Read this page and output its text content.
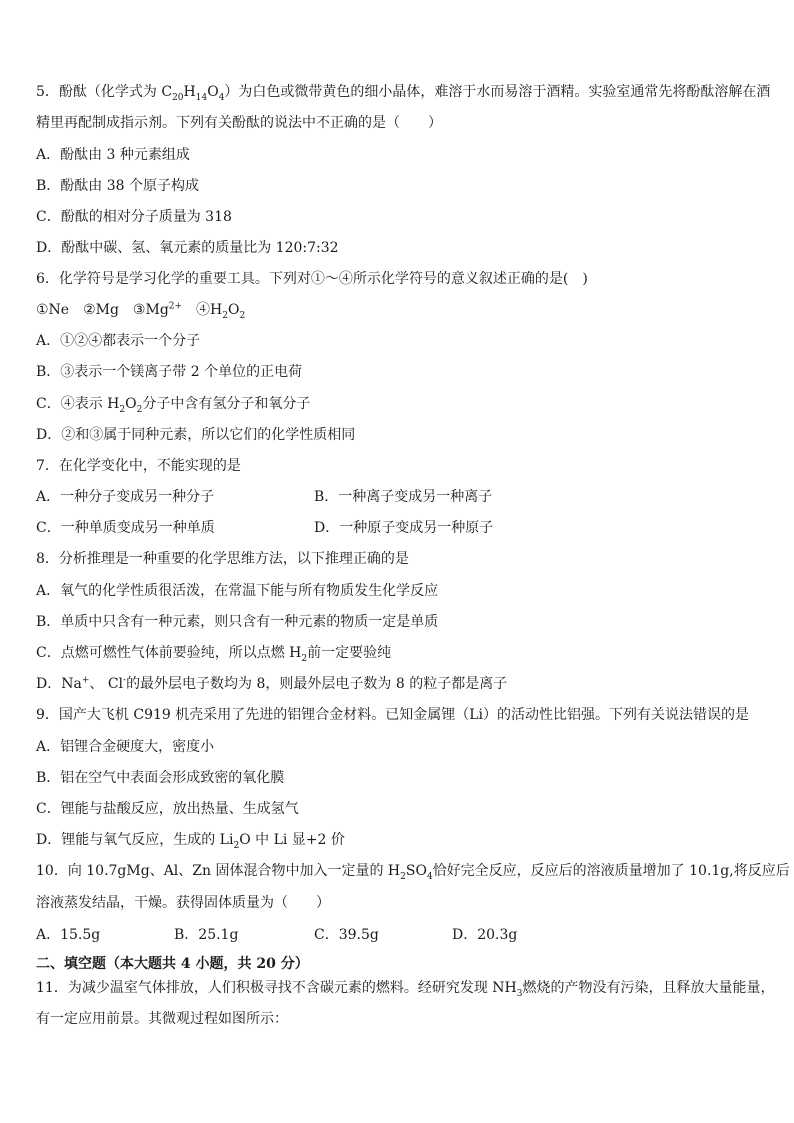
5．酚酞（化学式为 $C_{20}H_{14}O_4$）为白色或微带黄色的细小晶体，难溶于水而易溶于酒精。实验室通常先将酚酞溶解在酒
精里再配制成指示剂。下列有关酚酞的说法中不正确的是（　　）
A．酚酞由 3 种元素组成
B．酚酞由 38 个原子构成
C．酚酞的相对分子质量为 318
D．酚酞中碳、氢、氧元素的质量比为 120:7:32
6．化学符号是学习化学的重要工具。下列对①～④所示化学符号的意义叙述正确的是(　)
①Ne　②Mg　$③Mg^{2+}$　$④H_2O_2$
A．①②④都表示一个分子
B．③表示一个镁离子带 2 个单位的正电荷
C．④表示 $H_2O_2$分子中含有氢分子和氧分子
D．②和③属于同种元素，所以它们的化学性质相同
7．在化学变化中，不能实现的是
A．一种分子变成另一种分子	B．一种离子变成另一种离子
C．一种单质变成另一种单质	D．一种原子变成另一种原子
8．分析推理是一种重要的化学思维方法，以下推理正确的是
A．氧气的化学性质很活泼，在常温下能与所有物质发生化学反应
B．单质中只含有一种元素，则只含有一种元素的物质一定是单质
C．点燃可燃性气体前要验纯，所以点燃 $H_2$前一定要验纯
D．Na+、 Cl-的最外层电子数均为 8，则最外层电子数为 8 的粒子都是离子
9．国产大飞机 C919 机壳采用了先进的铝锂合金材料。已知金属锂（Li）的活动性比铝强。下列有关说法错误的是
A．铝锂合金硬度大，密度小
B．铝在空气中表面会形成致密的氧化膜
C．锂能与盐酸反应，放出热量、生成氢气
D．锂能与氧气反应，生成的 $Li_2O$ 中 Li 显+2 价
10．向 10.7gMg、Al、Zn 固体混合物中加入一定量的 $H_2SO_4$恰好完全反应，反应后的溶液质量增加了 10.1g,将反应后
溶液蒸发结晶，干燥。获得固体质量为（　　）
A．15.5g	B．25.1g	C．39.5g	D．20.3g
二、填空题（本大题共 4 小题，共 20 分）
11．为减少温室气体排放，人们积极寻找不含碳元素的燃料。经研究发现 $NH_3$燃烧的产物没有污染，且释放大量能量，
有一定应用前景。其微观过程如图所示：
